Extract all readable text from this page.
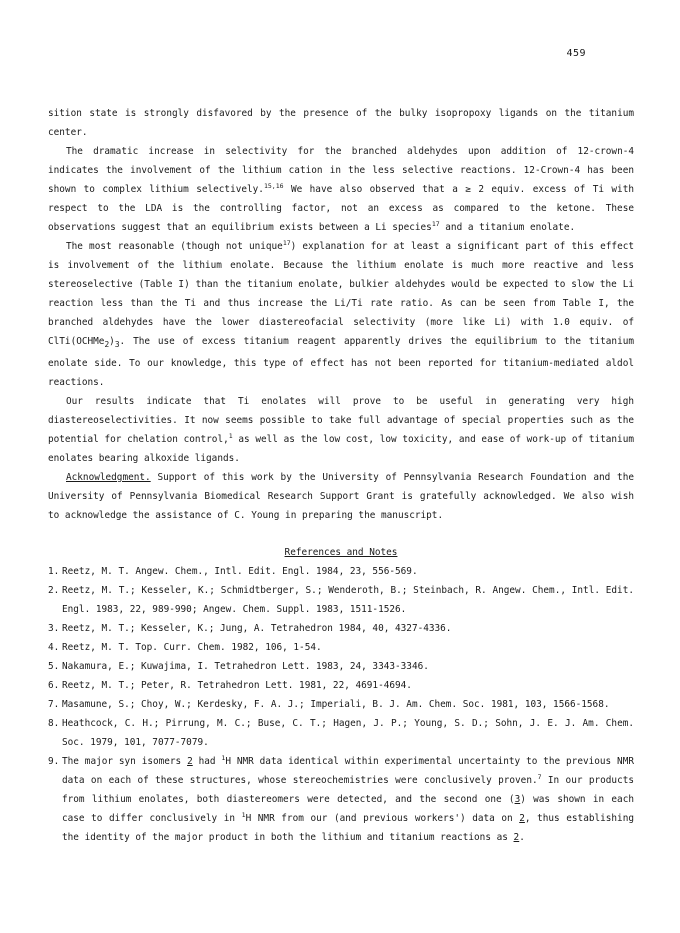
459

sition state is strongly disfavored by the presence of the bulky isopropoxy ligands on the titanium center.

The dramatic increase in selectivity for the branched aldehydes upon addition of 12-crown-4 indicates the involvement of the lithium cation in the less selective reactions. 12-Crown-4 has been shown to complex lithium selectively.$^{15,16}$ We have also observed that a ≥ 2 equiv. excess of Ti with respect to the LDA is the controlling factor, not an excess as compared to the ketone. These observations suggest that an equilibrium exists between a Li species$^{17}$ and a titanium enolate.

The most reasonable (though not unique$^{17}$) explanation for at least a significant part of this effect is involvement of the lithium enolate. Because the lithium enolate is much more reactive and less stereoselective (Table I) than the titanium enolate, bulkier aldehydes would be expected to slow the Li reaction less than the Ti and thus increase the Li/Ti rate ratio. As can be seen from Table I, the branched aldehydes have the lower diastereofacial selectivity (more like Li) with 1.0 equiv. of $ClTi(OCHMe_2)_3$. The use of excess titanium reagent apparently drives the equilibrium to the titanium enolate side. To our knowledge, this type of effect has not been reported for titanium-mediated aldol reactions.

Our results indicate that Ti enolates will prove to be useful in generating very high diastereoselectivities. It now seems possible to take full advantage of special properties such as the potential for chelation control,$^1$ as well as the low cost, low toxicity, and ease of work-up of titanium enolates bearing alkoxide ligands.

Acknowledgment. Support of this work by the University of Pennsylvania Research Foundation and the University of Pennsylvania Biomedical Research Support Grant is gratefully acknowledged. We also wish to acknowledge the assistance of C. Young in preparing the manuscript.

References and Notes

1. Reetz, M. T. Angew. Chem., Intl. Edit. Engl. 1984, 23, 556-569.
2. Reetz, M. T.; Kesseler, K.; Schmidtberger, S.; Wenderoth, B.; Steinbach, R. Angew. Chem., Intl. Edit. Engl. 1983, 22, 989-990; Angew. Chem. Suppl. 1983, 1511-1526.
3. Reetz, M. T.; Kesseler, K.; Jung, A. Tetrahedron 1984, 40, 4327-4336.
4. Reetz, M. T. Top. Curr. Chem. 1982, 106, 1-54.
5. Nakamura, E.; Kuwajima, I. Tetrahedron Lett. 1983, 24, 3343-3346.
6. Reetz, M. T.; Peter, R. Tetrahedron Lett. 1981, 22, 4691-4694.
7. Masamune, S.; Choy, W.; Kerdesky, F. A. J.; Imperiali, B. J. Am. Chem. Soc. 1981, 103, 1566-1568.
8. Heathcock, C. H.; Pirrung, M. C.; Buse, C. T.; Hagen, J. P.; Young, S. D.; Sohn, J. E. J. Am. Chem. Soc. 1979, 101, 7077-7079.
9. The major syn isomers 2 had $^1$H NMR data identical within experimental uncertainty to the previous NMR data on each of these structures, whose stereochemistries were conclusively proven.$^7$ In our products from lithium enolates, both diastereomers were detected, and the second one (3) was shown in each case to differ conclusively in $^1$H NMR from our (and previous workers') data on 2, thus establishing the identity of the major product in both the lithium and titanium reactions as 2.
